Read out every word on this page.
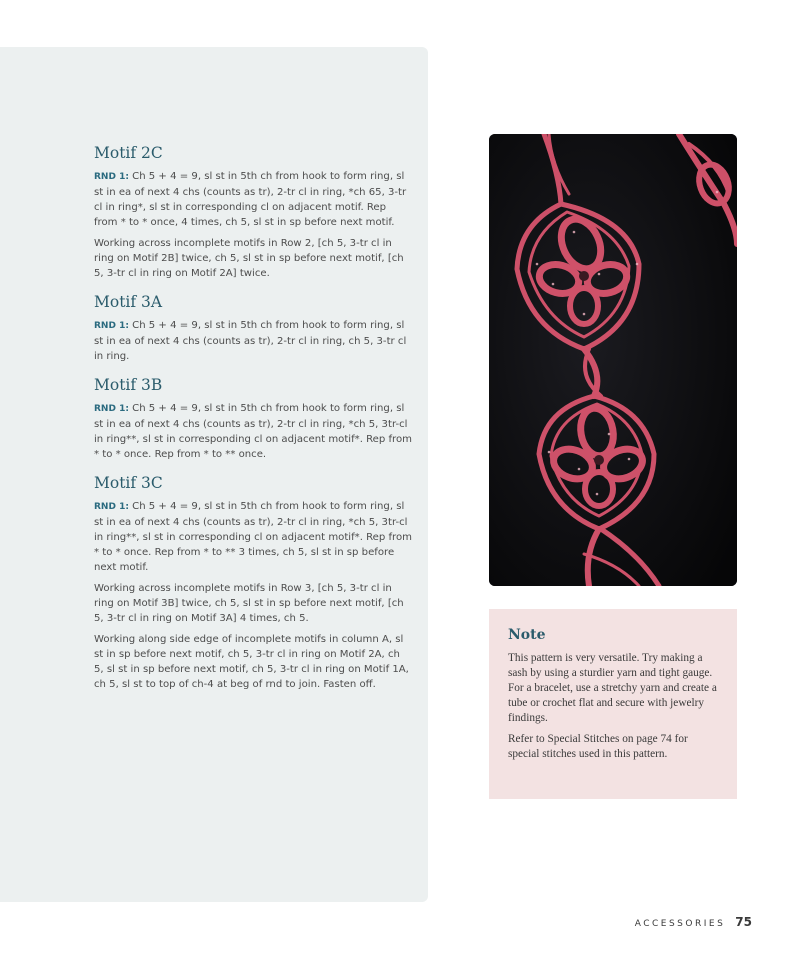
Motif 2C

RND 1: Ch 5 + 4 = 9, sl st in 5th ch from hook to form ring, sl st in ea of next 4 chs (counts as tr), 2-tr cl in ring, *ch 65, 3-tr cl in ring*, sl st in corresponding cl on adjacent motif. Rep from * to * once, 4 times, ch 5, sl st in sp before next motif.

Working across incomplete motifs in Row 2, [ch 5, 3-tr cl in ring on Motif 2B] twice, ch 5, sl st in sp before next motif, [ch 5, 3-tr cl in ring on Motif 2A] twice.

Motif 3A

RND 1: Ch 5 + 4 = 9, sl st in 5th ch from hook to form ring, sl st in ea of next 4 chs (counts as tr), 2-tr cl in ring, ch 5, 3-tr cl in ring.

Motif 3B

RND 1: Ch 5 + 4 = 9, sl st in 5th ch from hook to form ring, sl st in ea of next 4 chs (counts as tr), 2-tr cl in ring, *ch 5, 3tr-cl in ring**, sl st in corresponding cl on adjacent motif*. Rep from * to * once. Rep from * to ** once.

Motif 3C

RND 1: Ch 5 + 4 = 9, sl st in 5th ch from hook to form ring, sl st in ea of next 4 chs (counts as tr), 2-tr cl in ring, *ch 5, 3tr-cl in ring**, sl st in corresponding cl on adjacent motif*. Rep from * to * once. Rep from * to ** 3 times, ch 5, sl st in sp before next motif.

Working across incomplete motifs in Row 3, [ch 5, 3-tr cl in ring on Motif 3B] twice, ch 5, sl st in sp before next motif, [ch 5, 3-tr cl in ring on Motif 3A] 4 times, ch 5.

Working along side edge of incomplete motifs in column A, sl st in sp before next motif, ch 5, 3-tr cl in ring on Motif 2A, ch 5, sl st in sp before next motif, ch 5, 3-tr cl in ring on Motif 1A, ch 5, sl st to top of ch-4 at beg of rnd to join. Fasten off.

Note

This pattern is very versatile. Try making a sash by using a sturdier yarn and tight gauge. For a bracelet, use a stretchy yarn and create a tube or crochet flat and secure with jewelry findings.

Refer to Special Stitches on page 74 for special stitches used in this pattern.

ACCESSORIES 75
